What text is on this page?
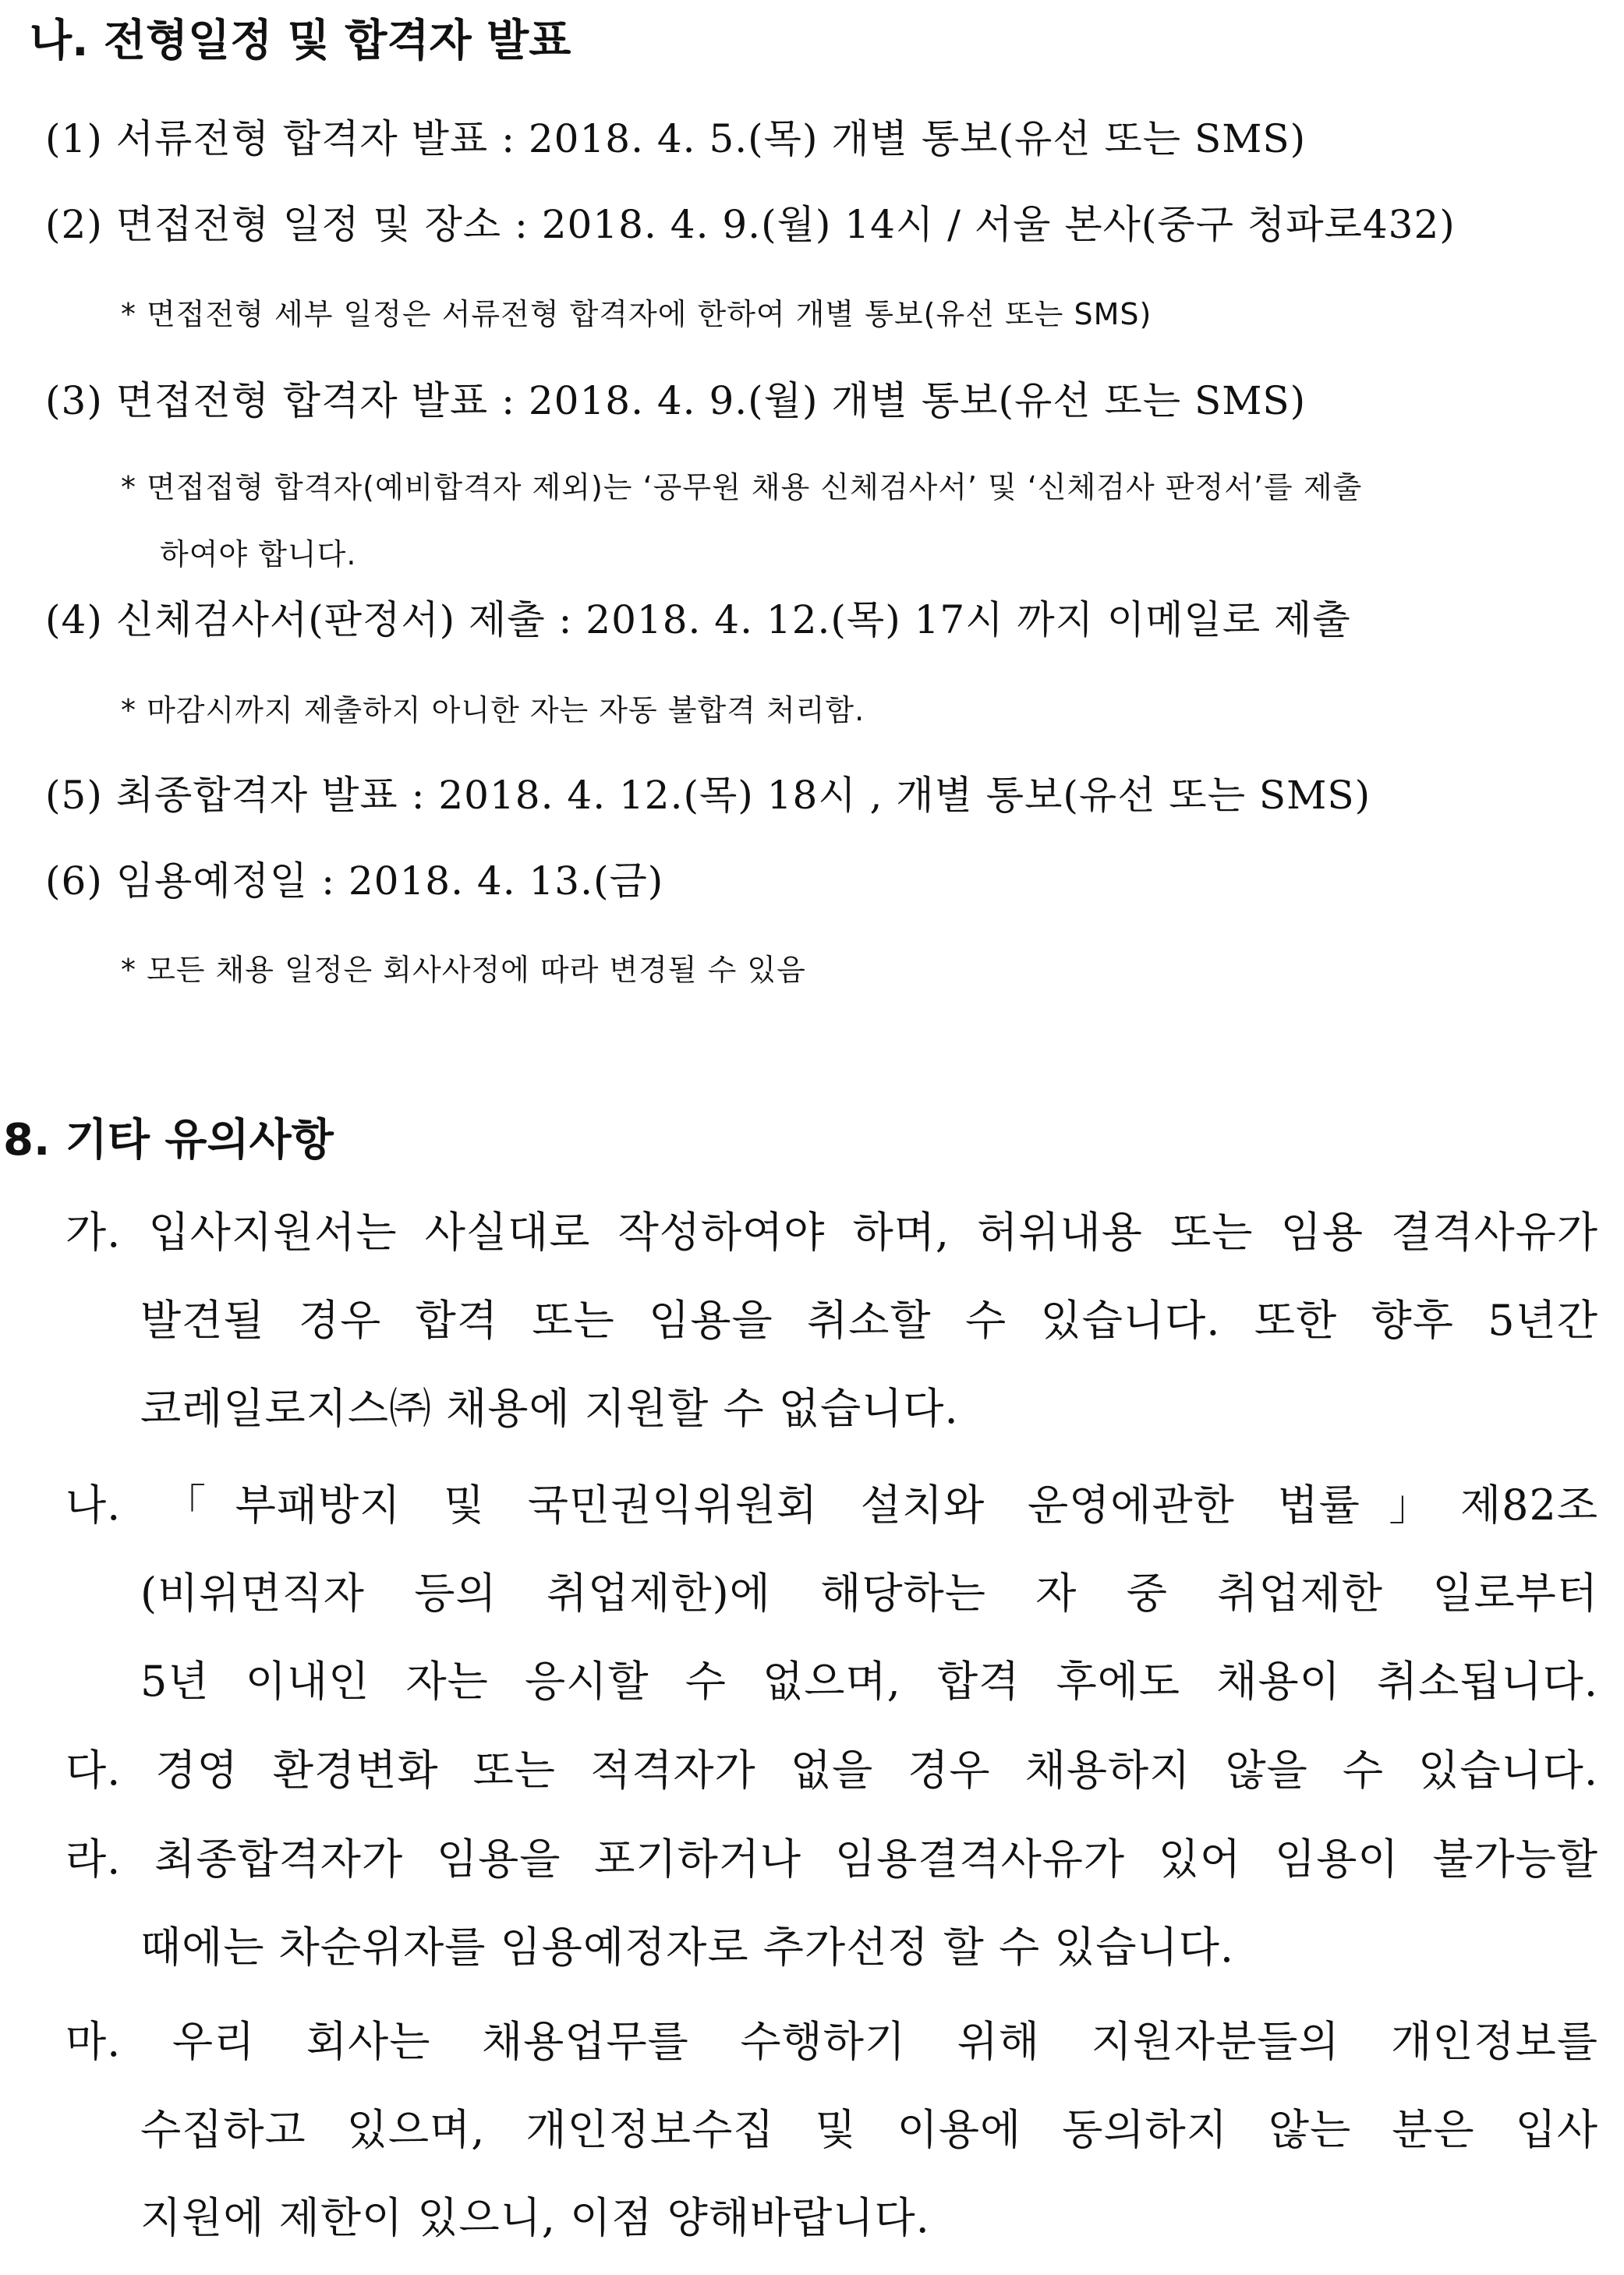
나. 전형일정 및 합격자 발표
(1) 서류전형 합격자 발표 : 2018. 4. 5.(목) 개별 통보(유선 또는 SMS)
(2) 면접전형 일정 및 장소 : 2018. 4. 9.(월) 14시 / 서울 본사(중구 청파로432)
* 면접전형 세부 일정은 서류전형 합격자에 한하여 개별 통보(유선 또는 SMS)
(3) 면접전형 합격자 발표 : 2018. 4. 9.(월) 개별 통보(유선 또는 SMS)
* 면접접형 합격자(예비합격자 제외)는 ‘공무원 채용 신체검사서’ 및 ‘신체검사 판정서’를 제출
하여야 합니다.
(4) 신체검사서(판정서) 제출 : 2018. 4. 12.(목) 17시 까지 이메일로 제출
* 마감시까지 제출하지 아니한 자는 자동 불합격 처리함.
(5) 최종합격자 발표 : 2018. 4. 12.(목) 18시 , 개별 통보(유선 또는 SMS)
(6) 임용예정일 : 2018. 4. 13.(금)
* 모든 채용 일정은 회사사정에 따라 변경될 수 있음
8. 기타 유의사항
가. 입사지원서는 사실대로 작성하여야 하며, 허위내용 또는 임용 결격사유가
발견될 경우 합격 또는 임용을 취소할 수 있습니다. 또한 향후 5년간
코레일로지스㈜ 채용에 지원할 수 없습니다.
나. 「부패방지 및 국민권익위원회 설치와 운영에관한 법률」제82조
(비위면직자 등의 취업제한)에 해당하는 자 중 취업제한 일로부터
5년 이내인 자는 응시할 수 없으며, 합격 후에도 채용이 취소됩니다.
다. 경영 환경변화 또는 적격자가 없을 경우 채용하지 않을 수 있습니다.
라. 최종합격자가 임용을 포기하거나 임용결격사유가 있어 임용이 불가능할
때에는 차순위자를 임용예정자로 추가선정 할 수 있습니다.
마. 우리 회사는 채용업무를 수행하기 위해 지원자분들의 개인정보를
수집하고 있으며, 개인정보수집 및 이용에 동의하지 않는 분은 입사
지원에 제한이 있으니, 이점 양해바랍니다.
